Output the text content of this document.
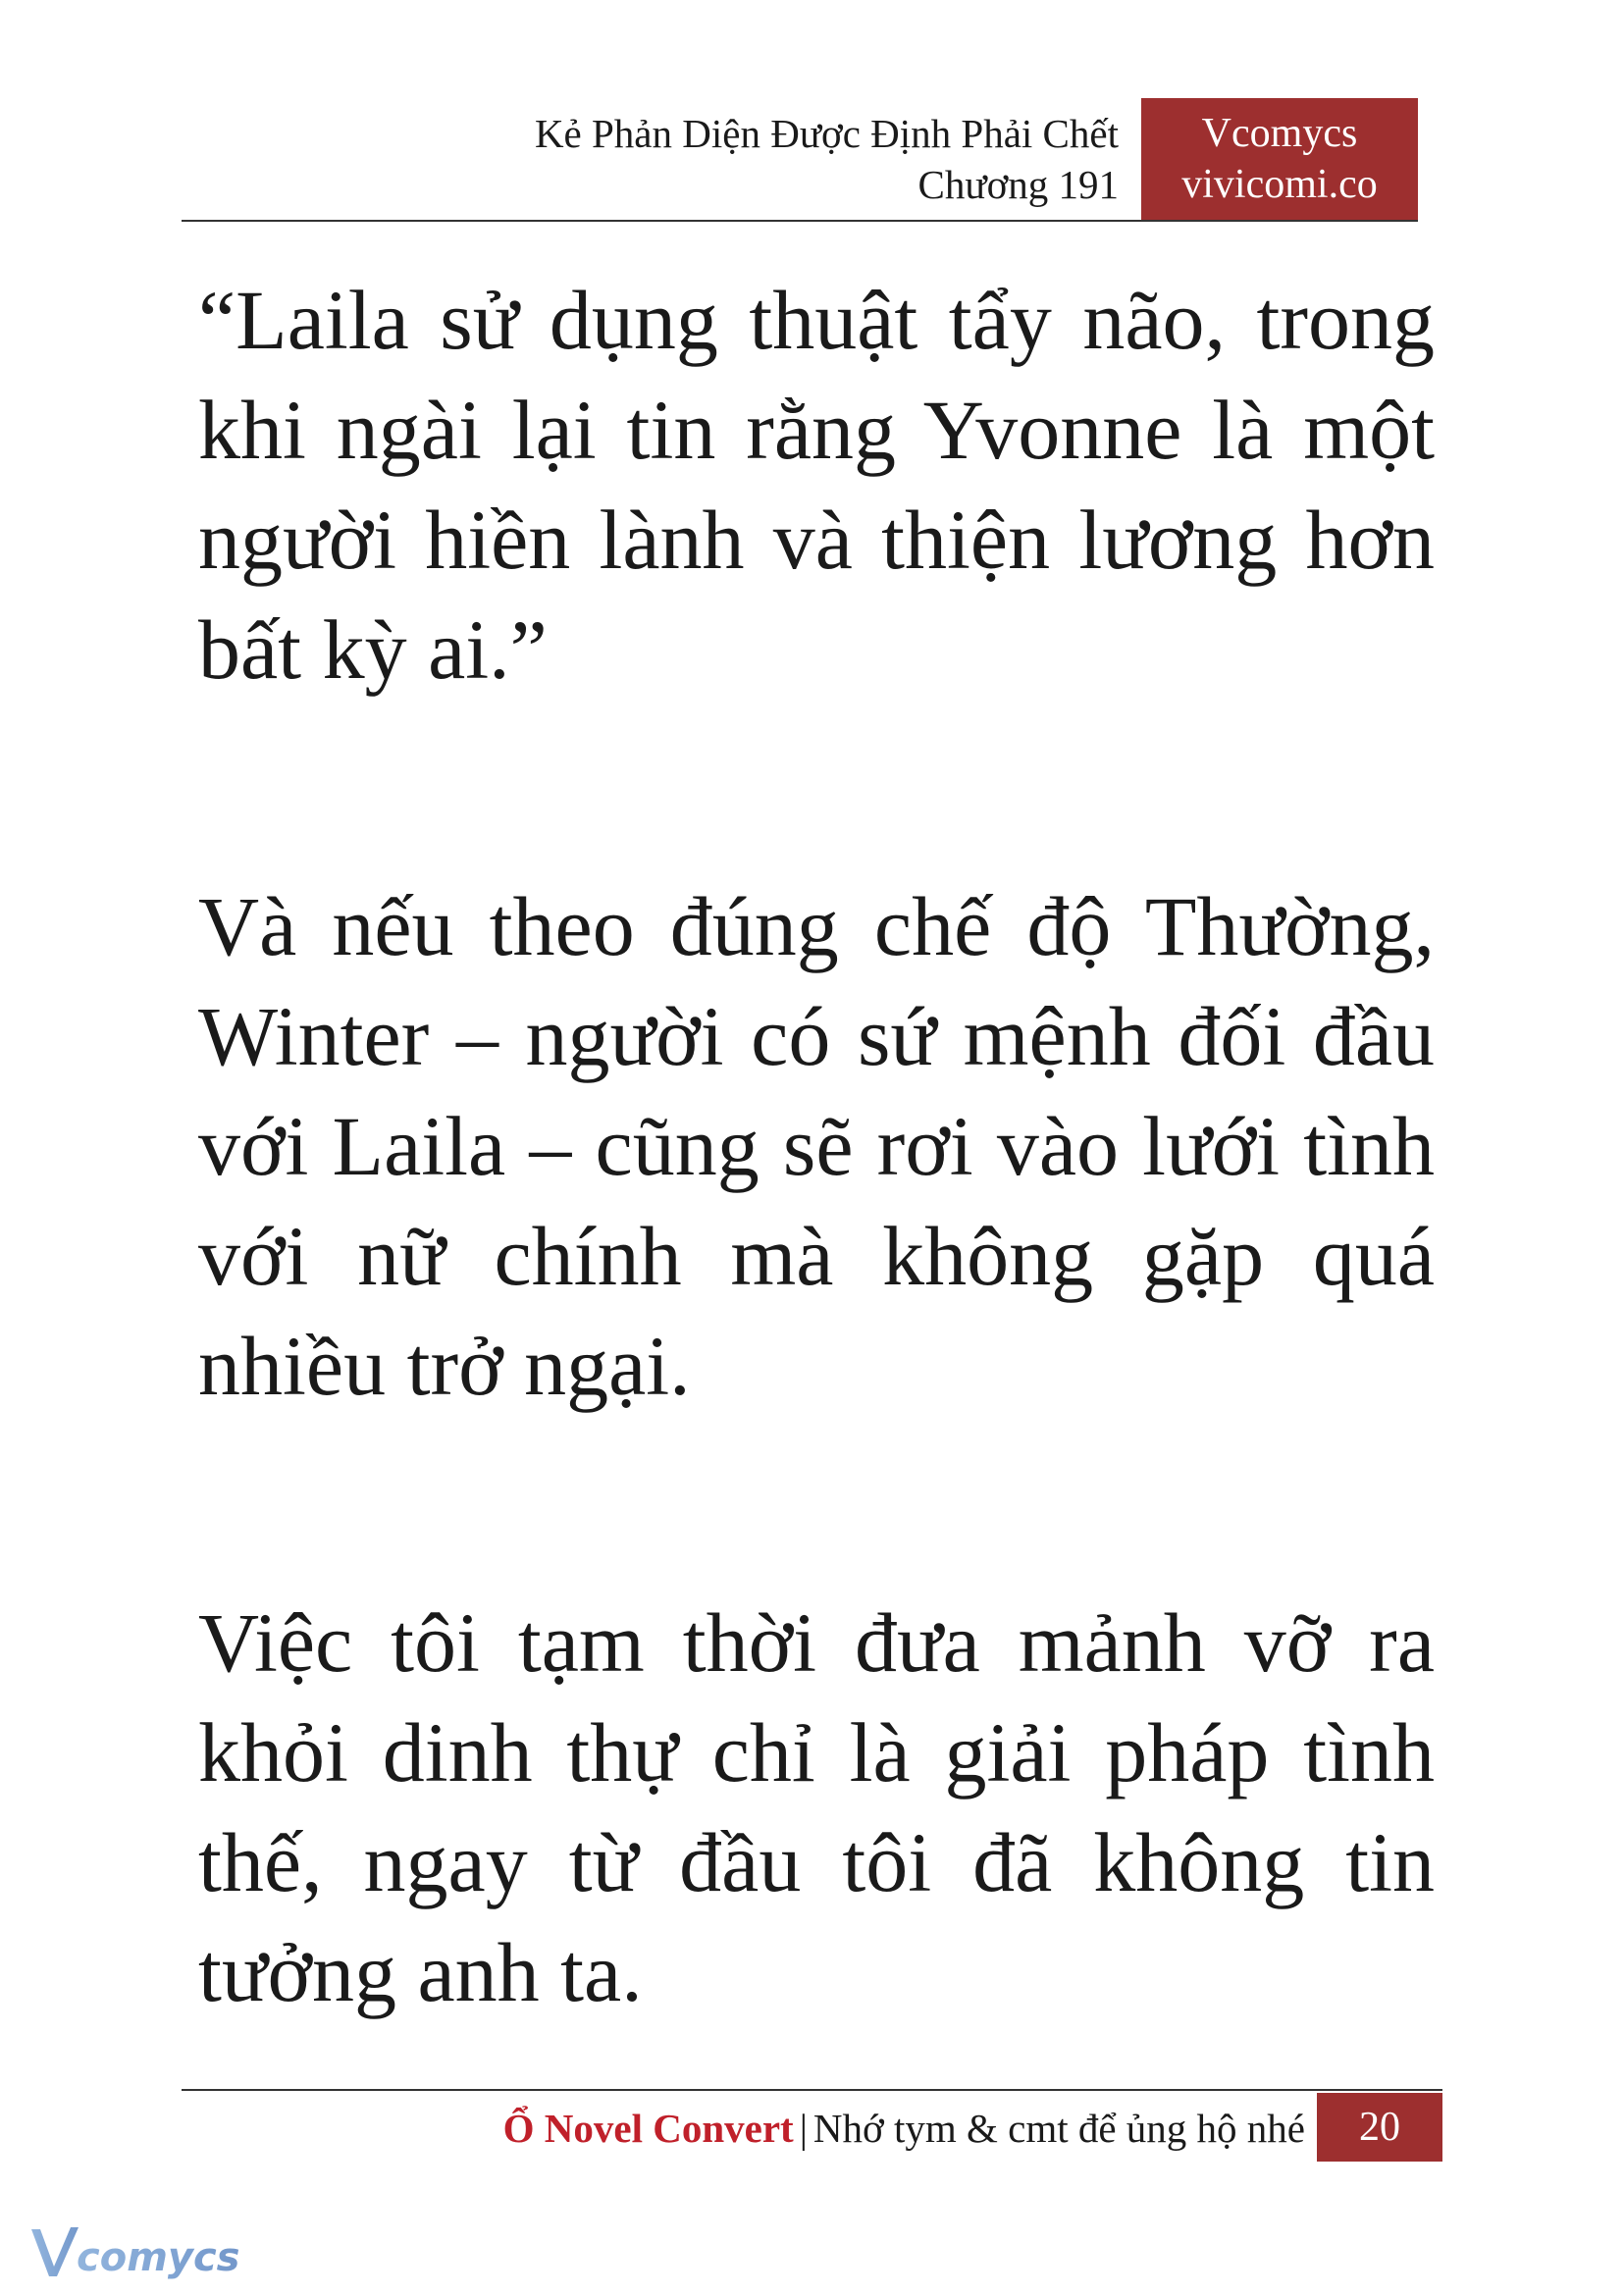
Kẻ Phản Diện Được Định Phải Chết
Chương 191
Vcomycs
vivicomi.co

“Laila sử dụng thuật tẩy não, trong khi ngài lại tin rằng Yvonne là một người hiền lành và thiện lương hơn bất kỳ ai.”

Và nếu theo đúng chế độ Thường, Winter – người có sứ mệnh đối đầu với Laila – cũng sẽ rơi vào lưới tình với nữ chính mà không gặp quá nhiều trở ngại.

Việc tôi tạm thời đưa mảnh vỡ ra khỏi dinh thự chỉ là giải pháp tình thế, ngay từ đầu tôi đã không tin tưởng anh ta.

Ổ Novel Convert | Nhớ tym & cmt để ủng hộ nhé	20
comycs
